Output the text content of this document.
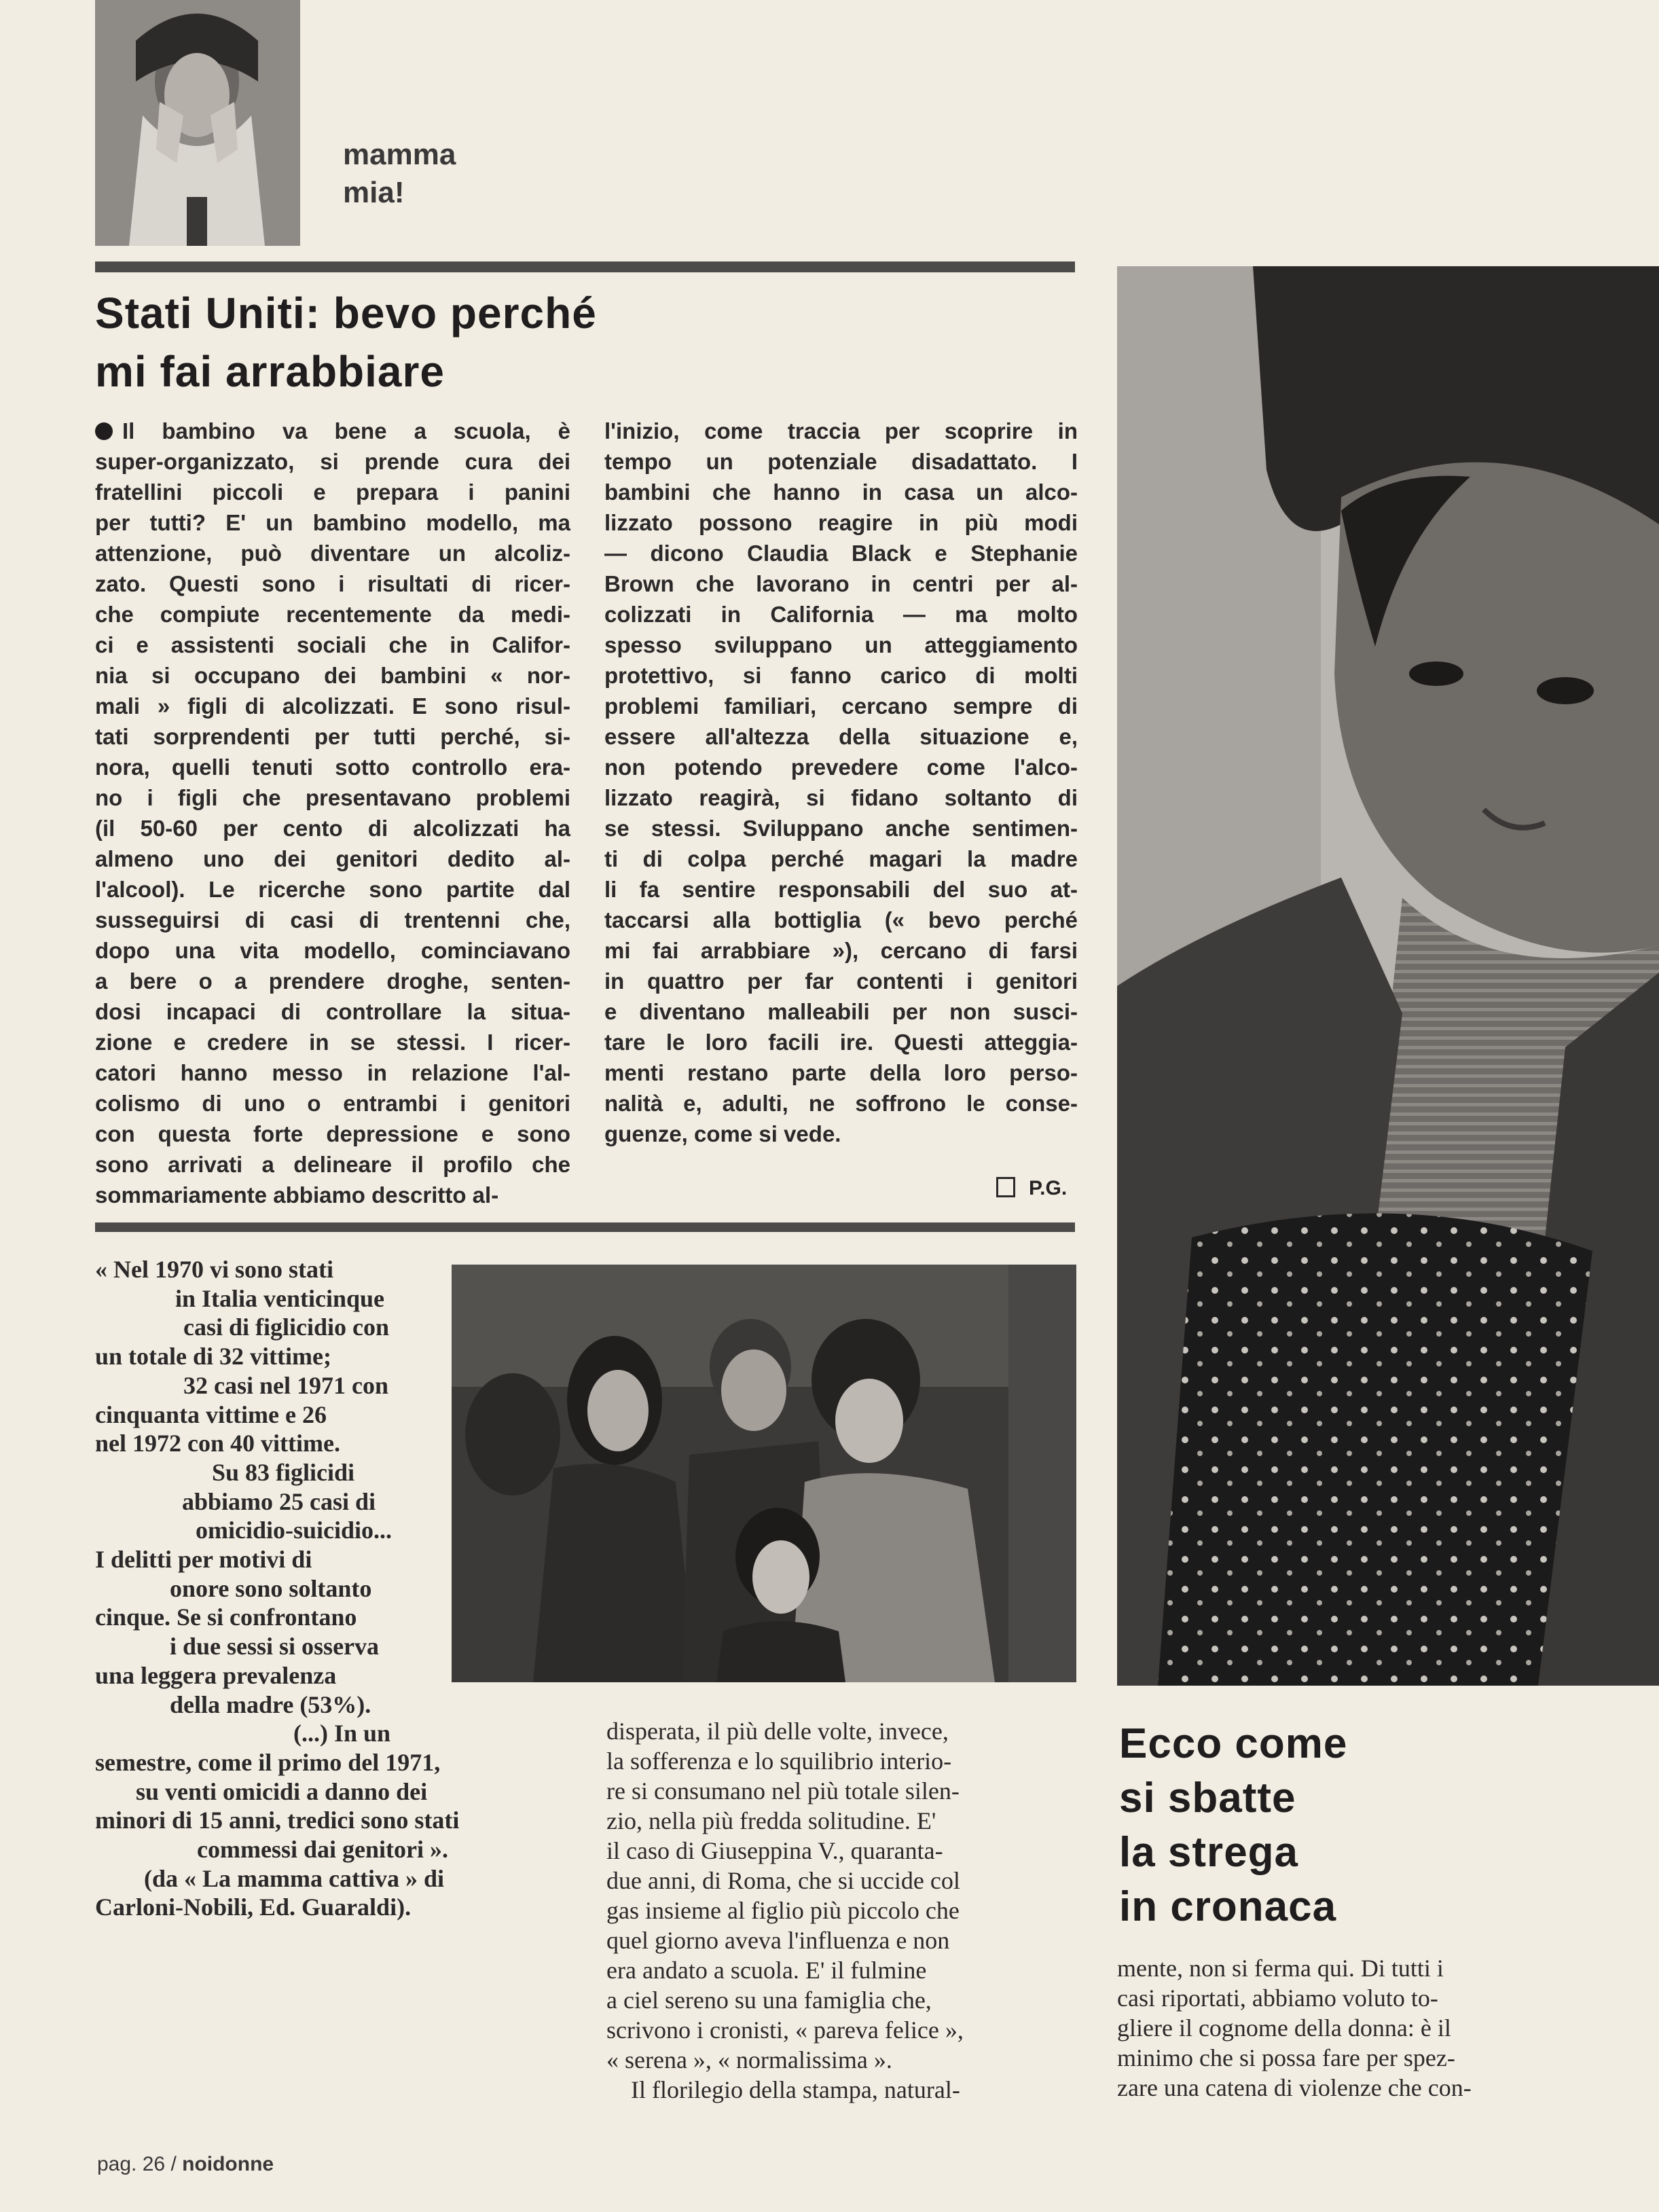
mamma
mia!
Stati Uniti: bevo perché
mi fai arrabbiare
Il bambino va bene a scuola, è
super-organizzato, si prende cura dei
fratellini piccoli e prepara i panini
per tutti? E' un bambino modello, ma
attenzione, può diventare un alcoliz-
zato. Questi sono i risultati di ricer-
che compiute recentemente da medi-
ci e assistenti sociali che in Califor-
nia si occupano dei bambini « nor-
mali » figli di alcolizzati. E sono risul-
tati sorprendenti per tutti perché, si-
nora, quelli tenuti sotto controllo era-
no i figli che presentavano problemi
(il 50-60 per cento di alcolizzati ha
almeno uno dei genitori dedito al-
l'alcool). Le ricerche sono partite dal
susseguirsi di casi di trentenni che,
dopo una vita modello, cominciavano
a bere o a prendere droghe, senten-
dosi incapaci di controllare la situa-
zione e credere in se stessi. I ricer-
catori hanno messo in relazione l'al-
colismo di uno o entrambi i genitori
con questa forte depressione e sono
sono arrivati a delineare il profilo che
sommariamente abbiamo descritto al-
l'inizio, come traccia per scoprire in
tempo un potenziale disadattato. I
bambini che hanno in casa un alco-
lizzato possono reagire in più modi
— dicono Claudia Black e Stephanie
Brown che lavorano in centri per al-
colizzati in California — ma molto
spesso sviluppano un atteggiamento
protettivo, si fanno carico di molti
problemi familiari, cercano sempre di
essere all'altezza della situazione e,
non potendo prevedere come l'alco-
lizzato reagirà, si fidano soltanto di
se stessi. Sviluppano anche sentimen-
ti di colpa perché magari la madre
li fa sentire responsabili del suo at-
taccarsi alla bottiglia (« bevo perché
mi fai arrabbiare »), cercano di farsi
in quattro per far contenti i genitori
e diventano malleabili per non susci-
tare le loro facili ire. Questi atteggia-
menti restano parte della loro perso-
nalità e, adulti, ne soffrono le conse-
guenze, come si vede.
P.G.
« Nel 1970 vi sono stati
in Italia venticinque
casi di figlicidio con
un totale di 32 vittime;
32 casi nel 1971 con
cinquanta vittime e 26
nel 1972 con 40 vittime.
Su 83 figlicidi
abbiamo 25 casi di
omicidio-suicidio...
I delitti per motivi di
onore sono soltanto
cinque. Se si confrontano
i due sessi si osserva
una leggera prevalenza
della madre (53%).
(...) In un
semestre, come il primo del 1971,
su venti omicidi a danno dei
minori di 15 anni, tredici sono stati
commessi dai genitori ».
(da « La mamma cattiva » di
Carloni-Nobili, Ed. Guaraldi).
Ecco come
si sbatte
la strega
in cronaca
disperata, il più delle volte, invece,
la sofferenza e lo squilibrio interio-
re si consumano nel più totale silen-
zio, nella più fredda solitudine. E'
il caso di Giuseppina V., quaranta-
due anni, di Roma, che si uccide col
gas insieme al figlio più piccolo che
quel giorno aveva l'influenza e non
era andato a scuola. E' il fulmine
a ciel sereno su una famiglia che,
scrivono i cronisti, « pareva felice »,
« serena », « normalissima ».
Il florilegio della stampa, natural-
mente, non si ferma qui. Di tutti i
casi riportati, abbiamo voluto to-
gliere il cognome della donna: è il
minimo che si possa fare per spez-
zare una catena di violenze che con-
pag. 26 / noidonne
